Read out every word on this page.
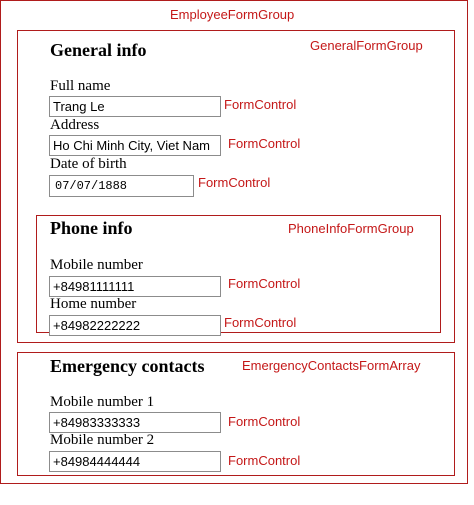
EmployeeFormGroup
General info	GeneralFormGroup
Full name
Trang Le	FormControl
Address
Ho Chi Minh City, Viet Nam	FormControl
Date of birth
07/07/1888	FormControl
Phone info	PhoneInfoFormGroup
Mobile number
+84981111111	FormControl
Home number
+84982222222	FormControl
Emergency contacts	EmergencyContactsFormArray
Mobile number 1
+84983333333	FormControl
Mobile number 2
+84984444444	FormControl
